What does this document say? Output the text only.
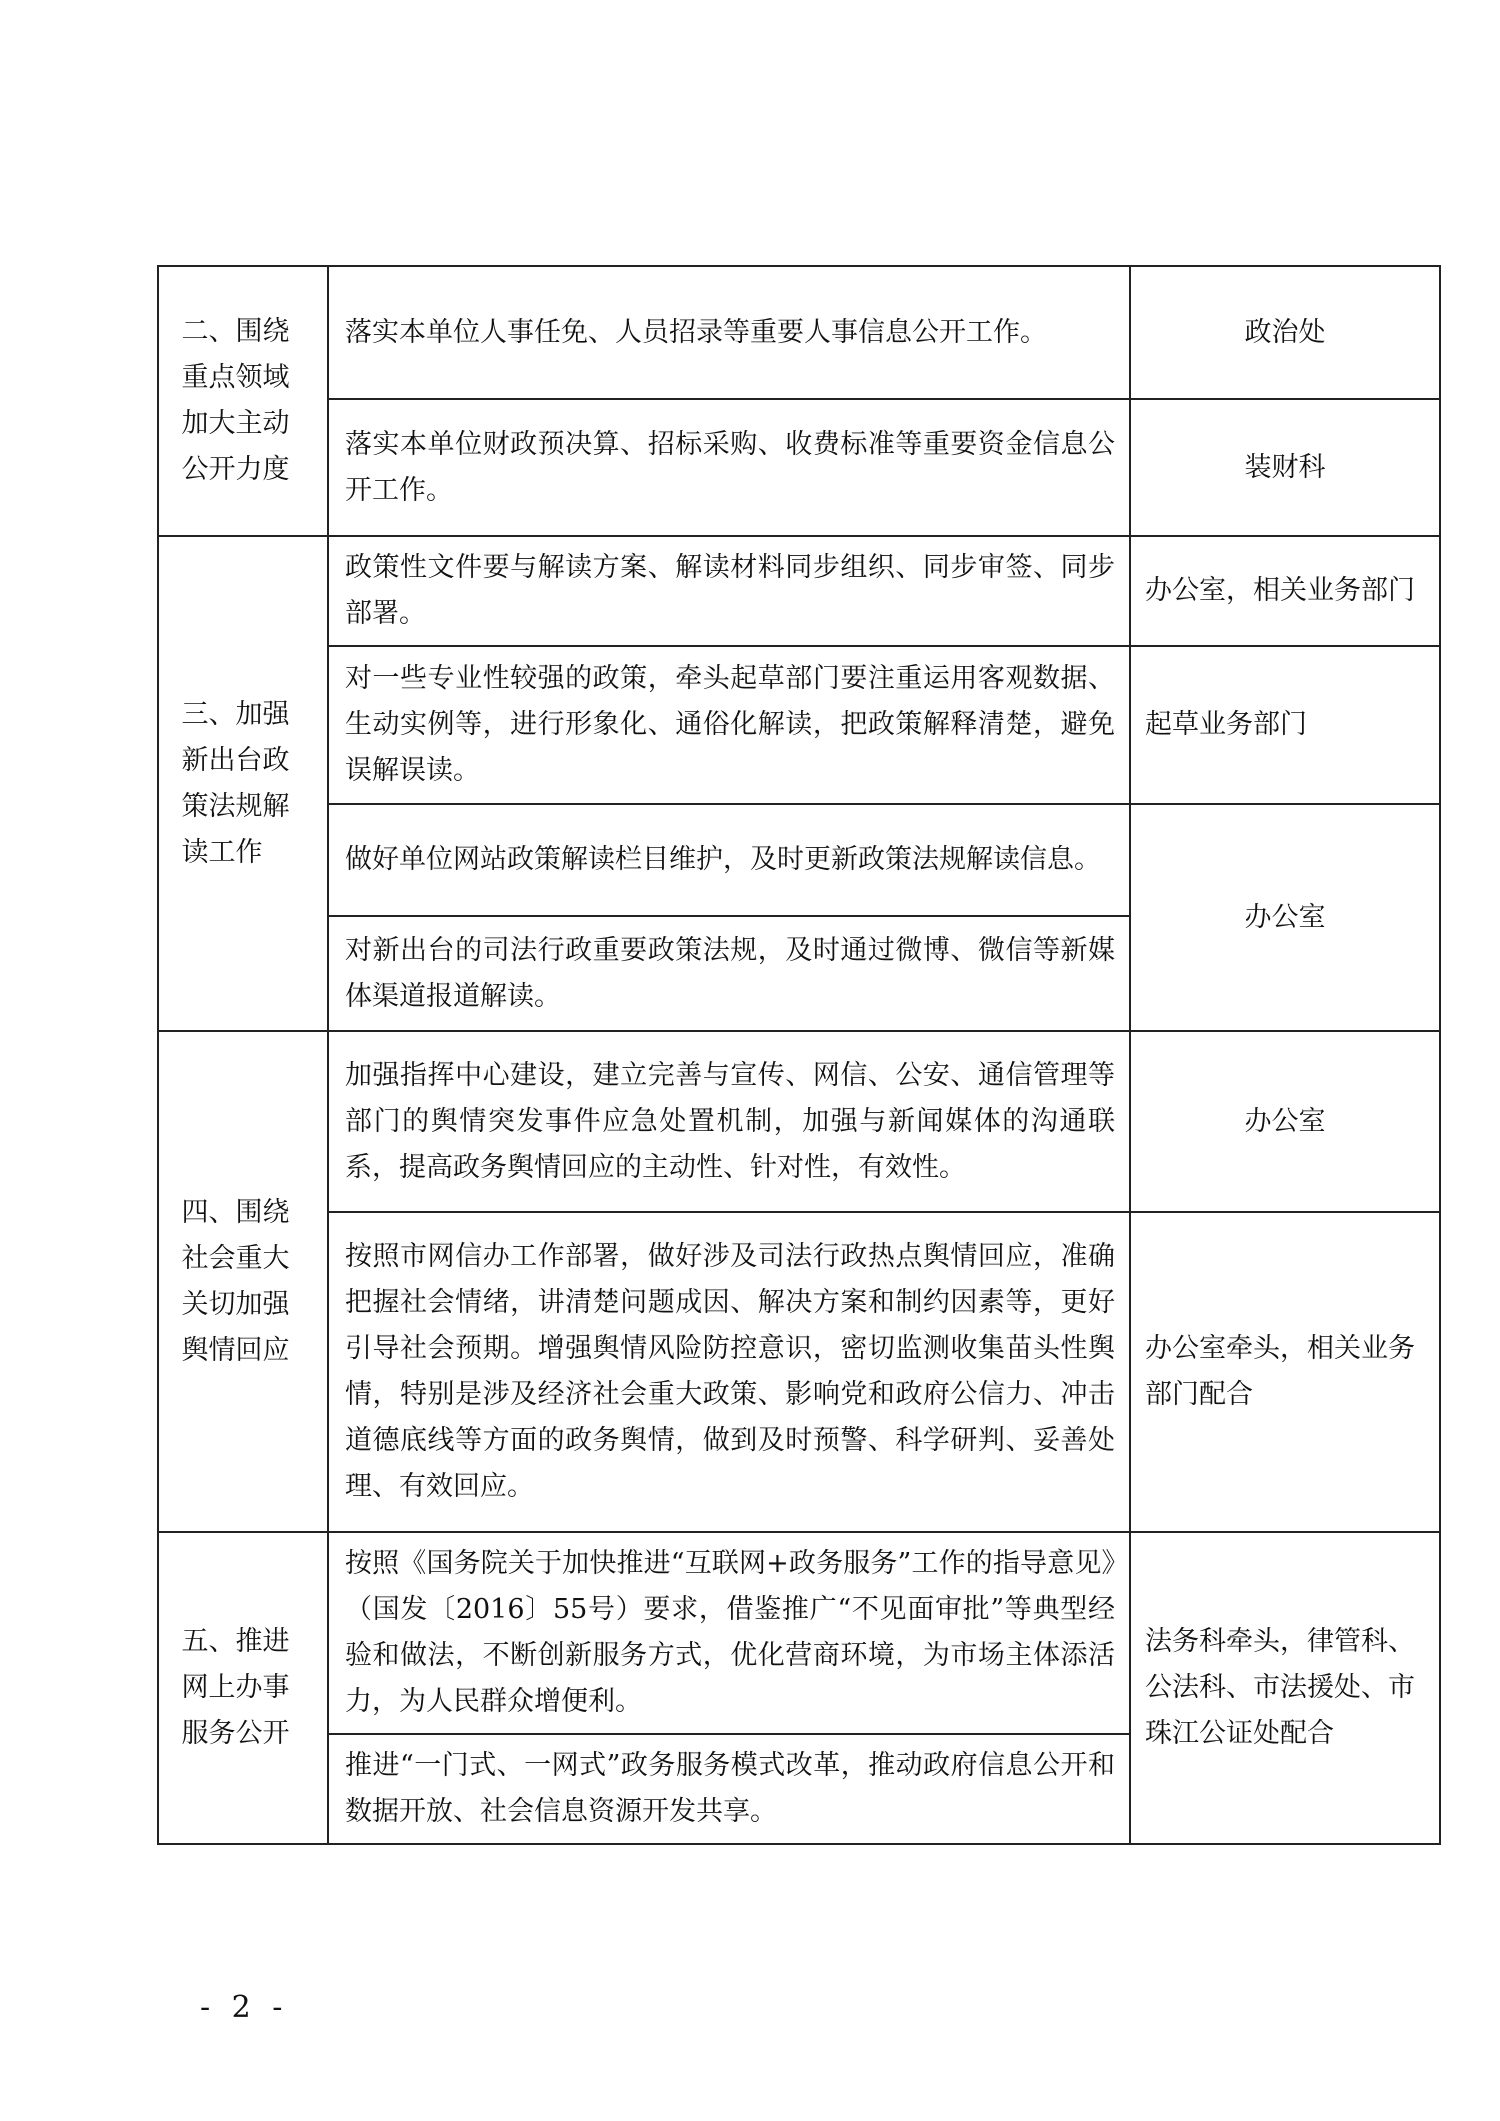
二、围绕重点领域加大主动公开力度	落实本单位人事任免、人员招录等重要人事信息公开工作。	政治处
	落实本单位财政预决算、招标采购、收费标准等重要资金信息公开工作。	装财科

三、加强新出台政策法规解读工作	政策性文件要与解读方案、解读材料同步组织、同步审签、同步部署。	办公室，相关业务部门
	对一些专业性较强的政策，牵头起草部门要注重运用客观数据、生动实例等，进行形象化、通俗化解读，把政策解释清楚，避免误解误读。	起草业务部门
	做好单位网站政策解读栏目维护，及时更新政策法规解读信息。	办公室
	对新出台的司法行政重要政策法规，及时通过微博、微信等新媒体渠道报道解读。	

四、围绕社会重大关切加强舆情回应	加强指挥中心建设，建立完善与宣传、网信、公安、通信管理等部门的舆情突发事件应急处置机制，加强与新闻媒体的沟通联系，提高政务舆情回应的主动性、针对性，有效性。	办公室
	按照市网信办工作部署，做好涉及司法行政热点舆情回应，准确把握社会情绪，讲清楚问题成因、解决方案和制约因素等，更好引导社会预期。增强舆情风险防控意识，密切监测收集苗头性舆情，特别是涉及经济社会重大政策、影响党和政府公信力、冲击道德底线等方面的政务舆情，做到及时预警、科学研判、妥善处理、有效回应。	办公室牵头，相关业务部门配合

五、推进网上办事服务公开	按照《国务院关于加快推进“互联网+政务服务”工作的指导意见》（国发〔2016〕55号）要求，借鉴推广“不见面审批”等典型经验和做法，不断创新服务方式，优化营商环境，为市场主体添活力，为人民群众增便利。	法务科牵头，律管科、公法科、市法援处、市珠江公证处配合
	推进“一门式、一网式”政务服务模式改革，推动政府信息公开和数据开放、社会信息资源开发共享。	
- 2 -
